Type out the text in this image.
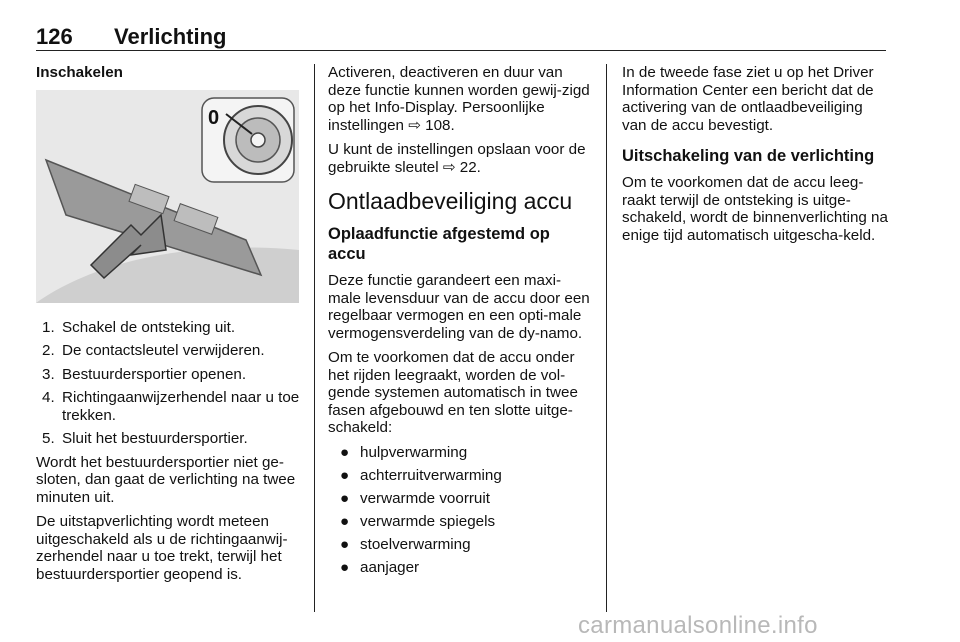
126 Verlichting

Inschakelen

0
1. Schakel de ontsteking uit.
2. De contactsleutel verwijderen.
3. Bestuurdersportier openen.
4. Richtingaanwijzerhendel naar u toe trekken.
5. Sluit het bestuurdersportier.

Wordt het bestuurdersportier niet ge-sloten, dan gaat de verlichting na twee minuten uit.

De uitstapverlichting wordt meteen uitgeschakeld als u de richtingaanwij-zerhendel naar u toe trekt, terwijl het bestuurdersportier geopend is.

Activeren, deactiveren en duur van deze functie kunnen worden gewij-zigd op het Info-Display. Persoonlijke instellingen ⇨ 108.

U kunt de instellingen opslaan voor de gebruikte sleutel ⇨ 22.

Ontlaadbeveiliging accu
Oplaadfunctie afgestemd op accu

Deze functie garandeert een maxi-male levensduur van de accu door een regelbaar vermogen en een opti-male vermogensverdeling van de dy-namo.

Om te voorkomen dat de accu onder het rijden leegraakt, worden de vol-gende systemen automatisch in twee fasen afgebouwd en ten slotte uitge-schakeld:

● hulpverwarming
● achterruitverwarming
● verwarmde voorruit
● verwarmde spiegels
● stoelverwarming
● aanjager

In de tweede fase ziet u op het Driver Information Center een bericht dat de activering van de ontlaadbeveiliging van de accu bevestigt.

Uitschakeling van de verlichting

Om te voorkomen dat de accu leeg-raakt terwijl de ontsteking is uitge-schakeld, wordt de binnenverlichting na enige tijd automatisch uitgescha-keld.

carmanualsonline.info
